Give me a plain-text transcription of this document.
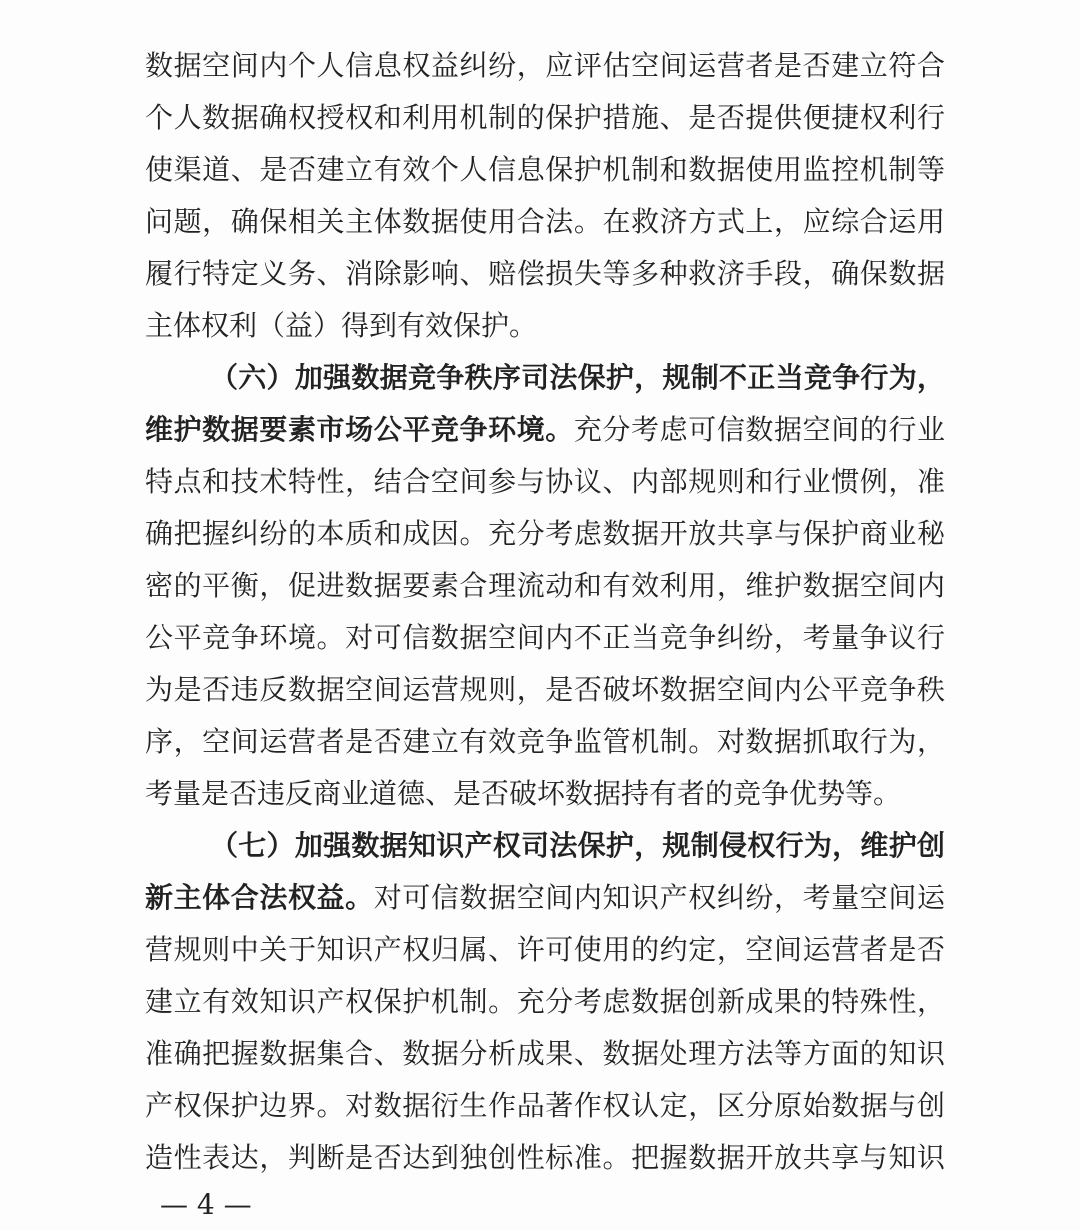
数据空间内个人信息权益纠纷，应评估空间运营者是否建立符合
个人数据确权授权和利用机制的保护措施、是否提供便捷权利行
使渠道、是否建立有效个人信息保护机制和数据使用监控机制等
问题，确保相关主体数据使用合法。在救济方式上，应综合运用
履行特定义务、消除影响、赔偿损失等多种救济手段，确保数据
主体权利（益）得到有效保护。
（六）加强数据竞争秩序司法保护，规制不正当竞争行为，
维护数据要素市场公平竞争环境。充分考虑可信数据空间的行业
特点和技术特性，结合空间参与协议、内部规则和行业惯例，准
确把握纠纷的本质和成因。充分考虑数据开放共享与保护商业秘
密的平衡，促进数据要素合理流动和有效利用，维护数据空间内
公平竞争环境。对可信数据空间内不正当竞争纠纷，考量争议行
为是否违反数据空间运营规则，是否破坏数据空间内公平竞争秩
序，空间运营者是否建立有效竞争监管机制。对数据抓取行为，
考量是否违反商业道德、是否破坏数据持有者的竞争优势等。
（七）加强数据知识产权司法保护，规制侵权行为，维护创
新主体合法权益。对可信数据空间内知识产权纠纷，考量空间运
营规则中关于知识产权归属、许可使用的约定，空间运营者是否
建立有效知识产权保护机制。充分考虑数据创新成果的特殊性，
准确把握数据集合、数据分析成果、数据处理方法等方面的知识
产权保护边界。对数据衍生作品著作权认定，区分原始数据与创
造性表达，判断是否达到独创性标准。把握数据开放共享与知识
— 4 —
